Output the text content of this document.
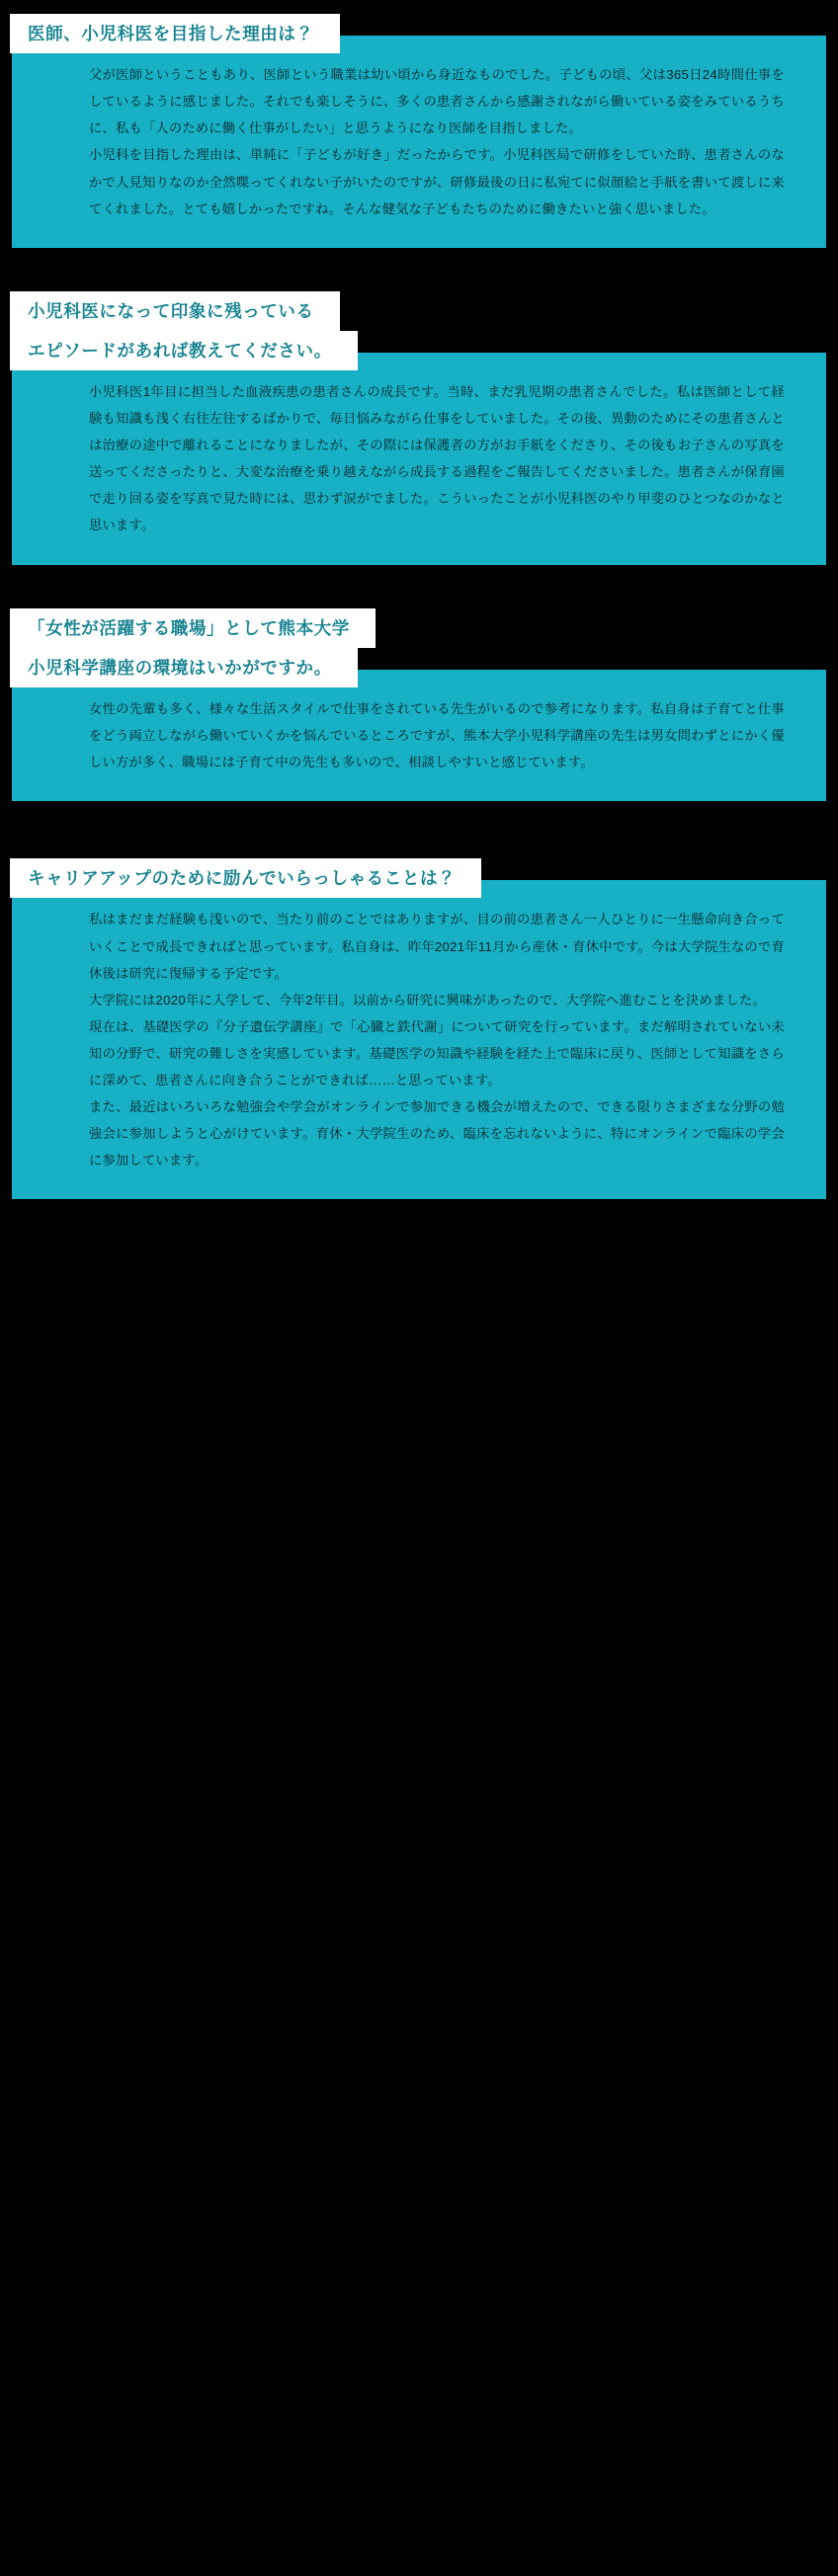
医師、小児科医を目指した理由は？

父が医師ということもあり、医師という職業は幼い頃から身近なものでした。子どもの頃、父は365日24時間仕事をしているように感じました。それでも楽しそうに、多くの患者さんから感謝されながら働いている姿をみているうちに、私も「人のために働く仕事がしたい」と思うようになり医師を目指しました。

小児科を目指した理由は、単純に「子どもが好き」だったからです。小児科医局で研修をしていた時、患者さんのなかで人見知りなのか全然喋ってくれない子がいたのですが、研修最後の日に私宛てに似顔絵と手紙を書いて渡しに来てくれました。とても嬉しかったですね。そんな健気な子どもたちのために働きたいと強く思いました。

小児科医になって印象に残っている
エピソードがあれば教えてください。

小児科医1年目に担当した血液疾患の患者さんの成長です。当時、まだ乳児期の患者さんでした。私は医師として経験も知識も浅く右往左往するばかりで、毎日悩みながら仕事をしていました。その後、異動のためにその患者さんとは治療の途中で離れることになりましたが、その際には保護者の方がお手紙をくださり、その後もお子さんの写真を送ってくださったりと、大変な治療を乗り越えながら成長する過程をご報告してくださいました。患者さんが保育園で走り回る姿を写真で見た時には、思わず涙がでました。こういったことが小児科医のやり甲斐のひとつなのかなと思います。

「女性が活躍する職場」として熊本大学
小児科学講座の環境はいかがですか。

女性の先輩も多く、様々な生活スタイルで仕事をされている先生がいるので参考になります。私自身は子育てと仕事をどう両立しながら働いていくかを悩んでいるところですが、熊本大学小児科学講座の先生は男女問わずとにかく優しい方が多く、職場には子育て中の先生も多いので、相談しやすいと感じています。

キャリアアップのために励んでいらっしゃることは？

私はまだまだ経験も浅いので、当たり前のことではありますが、目の前の患者さん一人ひとりに一生懸命向き合っていくことで成長できればと思っています。私自身は、昨年2021年11月から産休・育休中です。今は大学院生なので育休後は研究に復帰する予定です。

大学院には2020年に入学して、今年2年目。以前から研究に興味があったので、大学院へ進むことを決めました。

現在は、基礎医学の『分子遺伝学講座』で「心臓と鉄代謝」について研究を行っています。まだ解明されていない未知の分野で、研究の難しさを実感しています。基礎医学の知識や経験を経た上で臨床に戻り、医師として知識をさらに深めて、患者さんに向き合うことができれば……と思っています。

また、最近はいろいろな勉強会や学会がオンラインで参加できる機会が増えたので、できる限りさまざまな分野の勉強会に参加しようと心がけています。育休・大学院生のため、臨床を忘れないように、特にオンラインで臨床の学会に参加しています。
